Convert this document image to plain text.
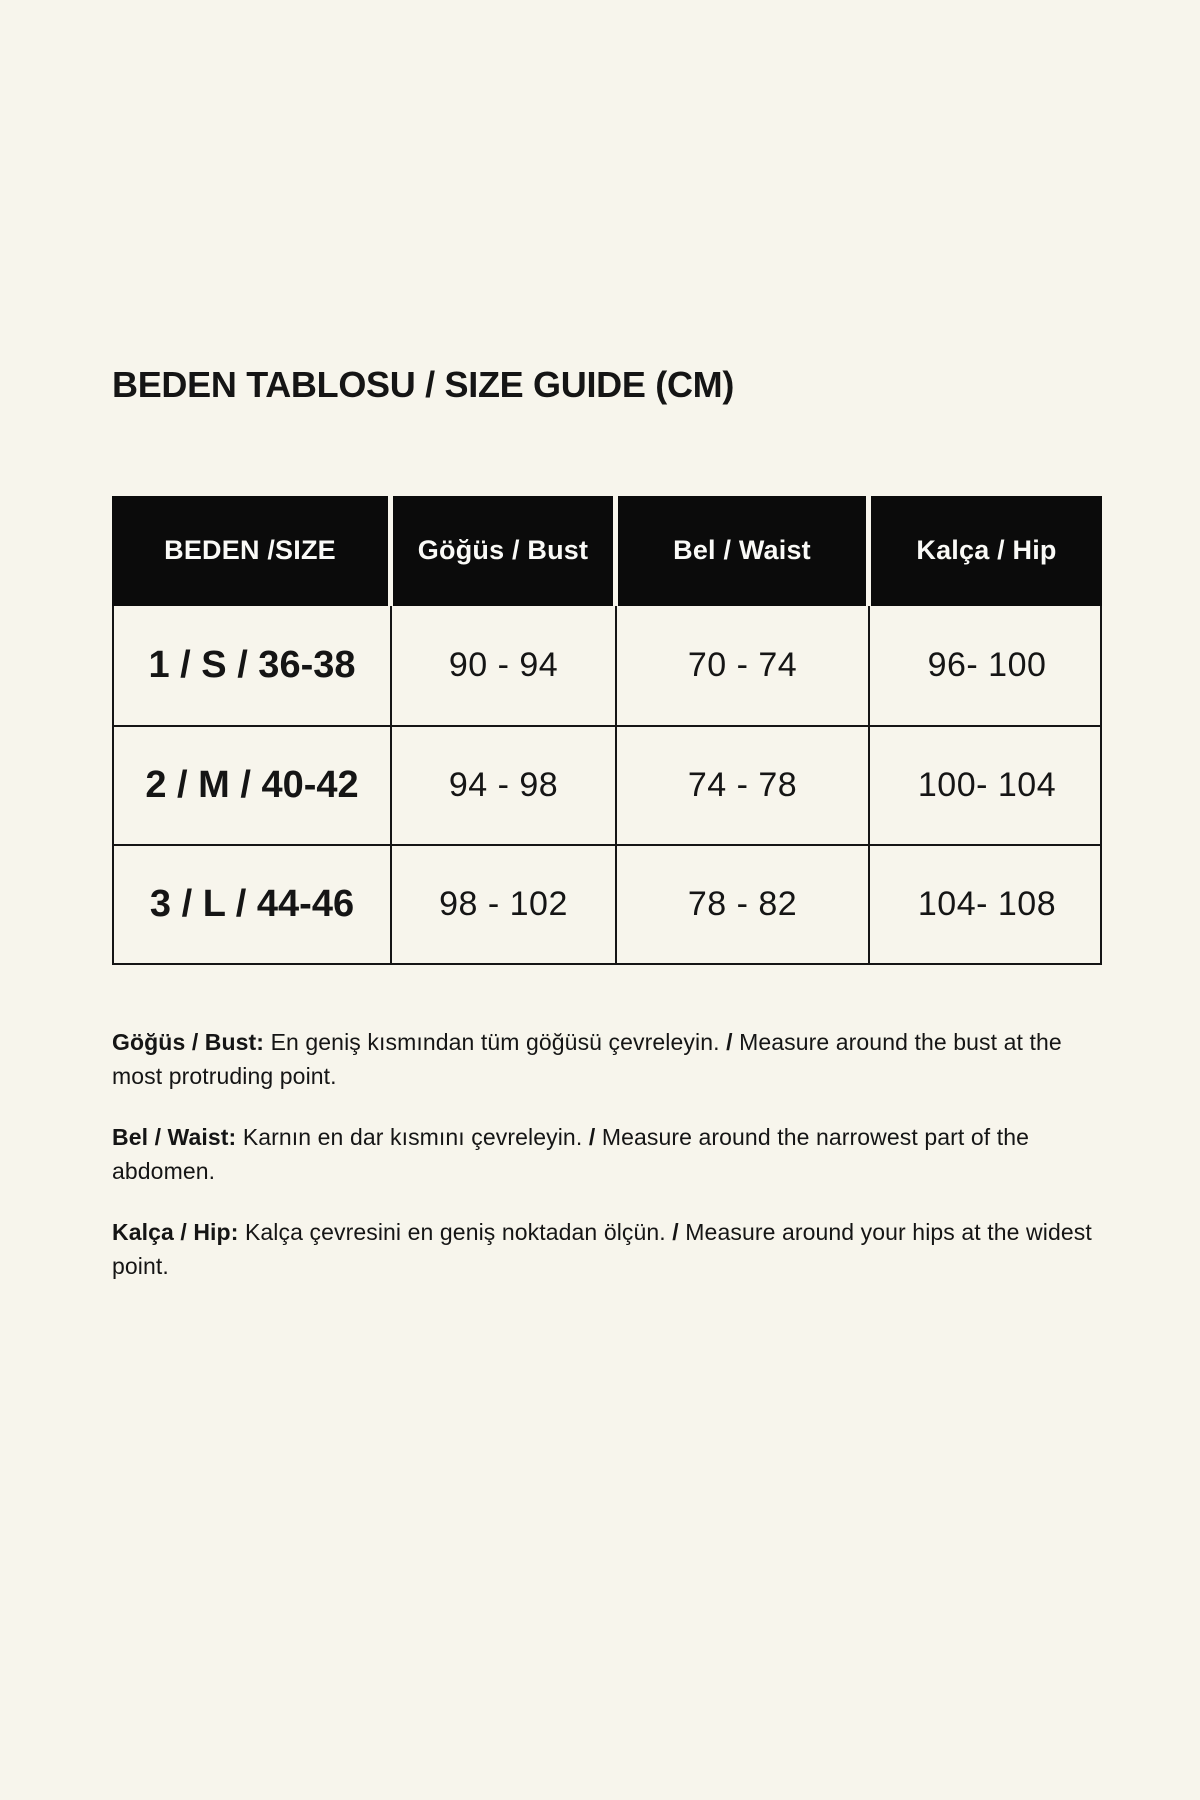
BEDEN TABLOSU / SIZE GUIDE (CM)
BEDEN /SIZE	Göğüs / Bust	Bel / Waist	Kalça / Hip
1 / S / 36-38	90 - 94	70 - 74	96- 100
2 / M / 40-42	94 - 98	74 - 78	100- 104
3 / L / 44-46	98 - 102	78 - 82	104- 108

Göğüs / Bust: En geniş kısmından tüm göğüsü çevreleyin. / Measure around the bust at the most protruding point.

Bel / Waist: Karnın en dar kısmını çevreleyin. / Measure around the narrowest part of the abdomen.

Kalça / Hip: Kalça çevresini en geniş noktadan ölçün. / Measure around your hips at the widest point.
